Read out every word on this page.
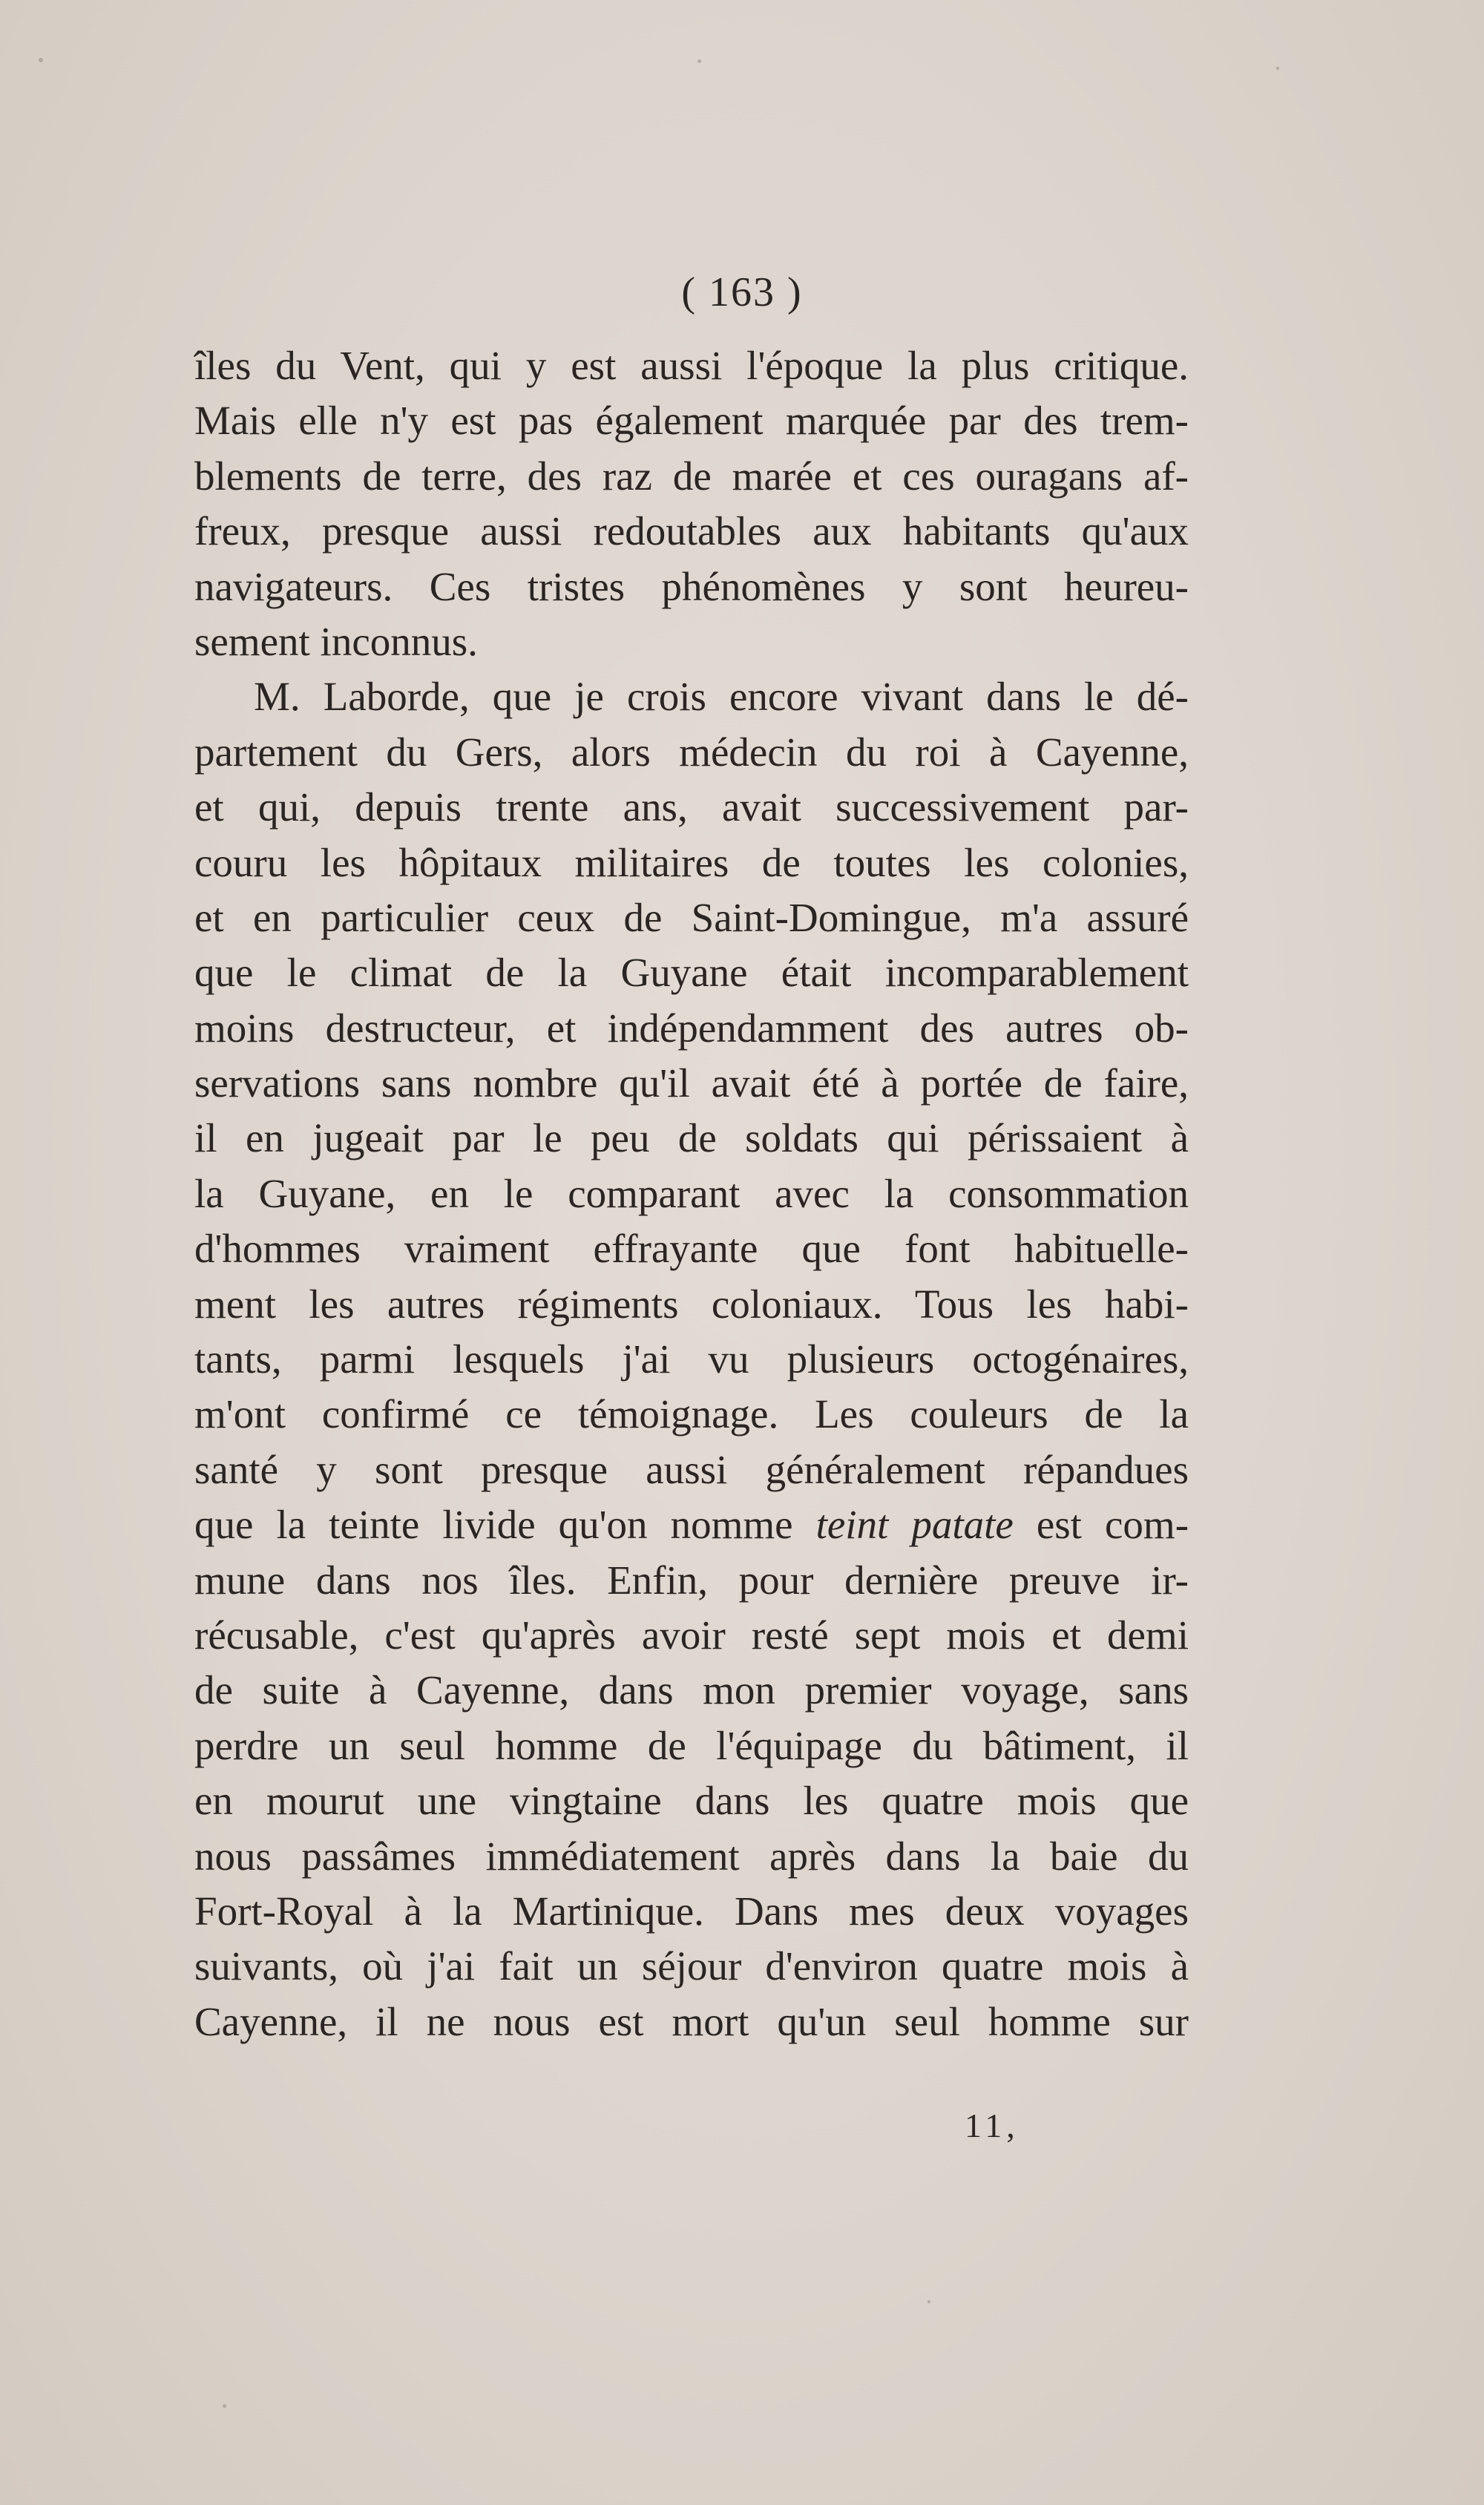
( 163 )
îles du Vent, qui y est aussi l'époque la plus critique.
Mais elle n'y est pas également marquée par des trem-
blements de terre, des raz de marée et ces ouragans af-
freux, presque aussi redoutables aux habitants qu'aux
navigateurs. Ces tristes phénomènes y sont heureu-
sement inconnus.
M. Laborde, que je crois encore vivant dans le dé-
partement du Gers, alors médecin du roi à Cayenne,
et qui, depuis trente ans, avait successivement par-
couru les hôpitaux militaires de toutes les colonies,
et en particulier ceux de Saint-Domingue, m'a assuré
que le climat de la Guyane était incomparablement
moins destructeur, et indépendamment des autres ob-
servations sans nombre qu'il avait été à portée de faire,
il en jugeait par le peu de soldats qui périssaient à
la Guyane, en le comparant avec la consommation
d'hommes vraiment effrayante que font habituelle-
ment les autres régiments coloniaux. Tous les habi-
tants, parmi lesquels j'ai vu plusieurs octogénaires,
m'ont confirmé ce témoignage. Les couleurs de la
santé y sont presque aussi généralement répandues
que la teinte livide qu'on nomme teint patate est com-
mune dans nos îles. Enfin, pour dernière preuve ir-
récusable, c'est qu'après avoir resté sept mois et demi
de suite à Cayenne, dans mon premier voyage, sans
perdre un seul homme de l'équipage du bâtiment, il
en mourut une vingtaine dans les quatre mois que
nous passâmes immédiatement après dans la baie du
Fort-Royal à la Martinique. Dans mes deux voyages
suivants, où j'ai fait un séjour d'environ quatre mois à
Cayenne, il ne nous est mort qu'un seul homme sur
11,
